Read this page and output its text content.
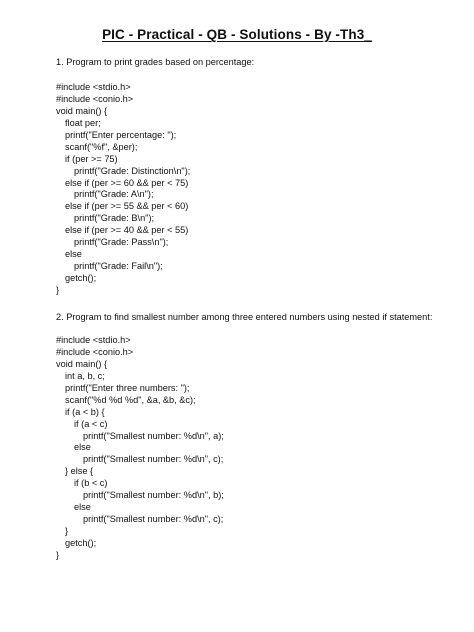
PIC - Practical - QB - Solutions - By -Th3_

1. Program to print grades based on percentage:

#include <stdio.h>
#include <conio.h>
void main() {
float per;
printf("Enter percentage: ");
scanf("%f", &per);
if (per >= 75)
printf("Grade: Distinction\n");
else if (per >= 60 && per < 75)
printf("Grade: A\n");
else if (per >= 55 && per < 60)
printf("Grade: B\n");
else if (per >= 40 && per < 55)
printf("Grade: Pass\n");
else
printf("Grade: Fail\n");
getch();
}

2. Program to find smallest number among three entered numbers using nested if statement:

#include <stdio.h>
#include <conio.h>
void main() {
int a, b, c;
printf("Enter three numbers: ");
scanf("%d %d %d", &a, &b, &c);
if (a < b) {
if (a < c)
printf("Smallest number: %d\n", a);
else
printf("Smallest number: %d\n", c);
} else {
if (b < c)
printf("Smallest number: %d\n", b);
else
printf("Smallest number: %d\n", c);
}
getch();
}
